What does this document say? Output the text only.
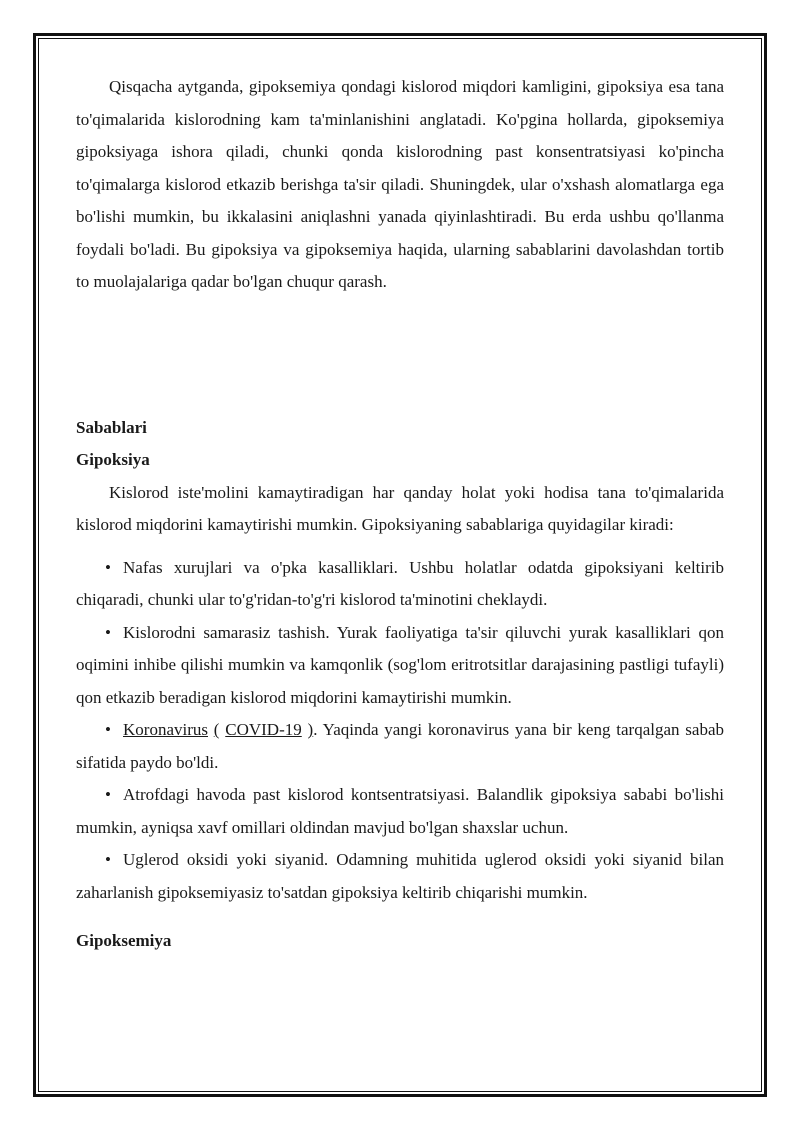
Qisqacha aytganda, gipoksemiya qondagi kislorod miqdori kamligini, gipoksiya esa tana to'qimalarida kislorodning kam ta'minlanishini anglatadi. Ko'pgina hollarda, gipoksemiya gipoksiyaga ishora qiladi, chunki qonda kislorodning past konsentratsiyasi ko'pincha to'qimalarga kislorod etkazib berishga ta'sir qiladi. Shuningdek, ular o'xshash alomatlarga ega bo'lishi mumkin, bu ikkalasini aniqlashni yanada qiyinlashtiradi. Bu erda ushbu qo'llanma foydali bo'ladi. Bu gipoksiya va gipoksemiya haqida, ularning sabablarini davolashdan tortib to muolajalariga qadar bo'lgan chuqur qarash.

Sabablari

Gipoksiya

Kislorod iste'molini kamaytiradigan har qanday holat yoki hodisa tana to'qimalarida kislorod miqdorini kamaytirishi mumkin. Gipoksiyaning sabablariga quyidagilar kiradi:

• Nafas xurujlari va o'pka kasalliklari. Ushbu holatlar odatda gipoksiyani keltirib chiqaradi, chunki ular to'g'ridan-to'g'ri kislorod ta'minotini cheklaydi.

• Kislorodni samarasiz tashish. Yurak faoliyatiga ta'sir qiluvchi yurak kasalliklari qon oqimini inhibe qilishi mumkin va kamqonlik (sog'lom eritrotsitlar darajasining pastligi tufayli) qon etkazib beradigan kislorod miqdorini kamaytirishi mumkin.

• Koronavirus ( COVID-19 ). Yaqinda yangi koronavirus yana bir keng tarqalgan sabab sifatida paydo bo'ldi.

• Atrofdagi havoda past kislorod kontsentratsiyasi. Balandlik gipoksiya sababi bo'lishi mumkin, ayniqsa xavf omillari oldindan mavjud bo'lgan shaxslar uchun.

• Uglerod oksidi yoki siyanid. Odamning muhitida uglerod oksidi yoki siyanid bilan zaharlanish gipoksemiyasiz to'satdan gipoksiya keltirib chiqarishi mumkin.

Gipoksemiya
